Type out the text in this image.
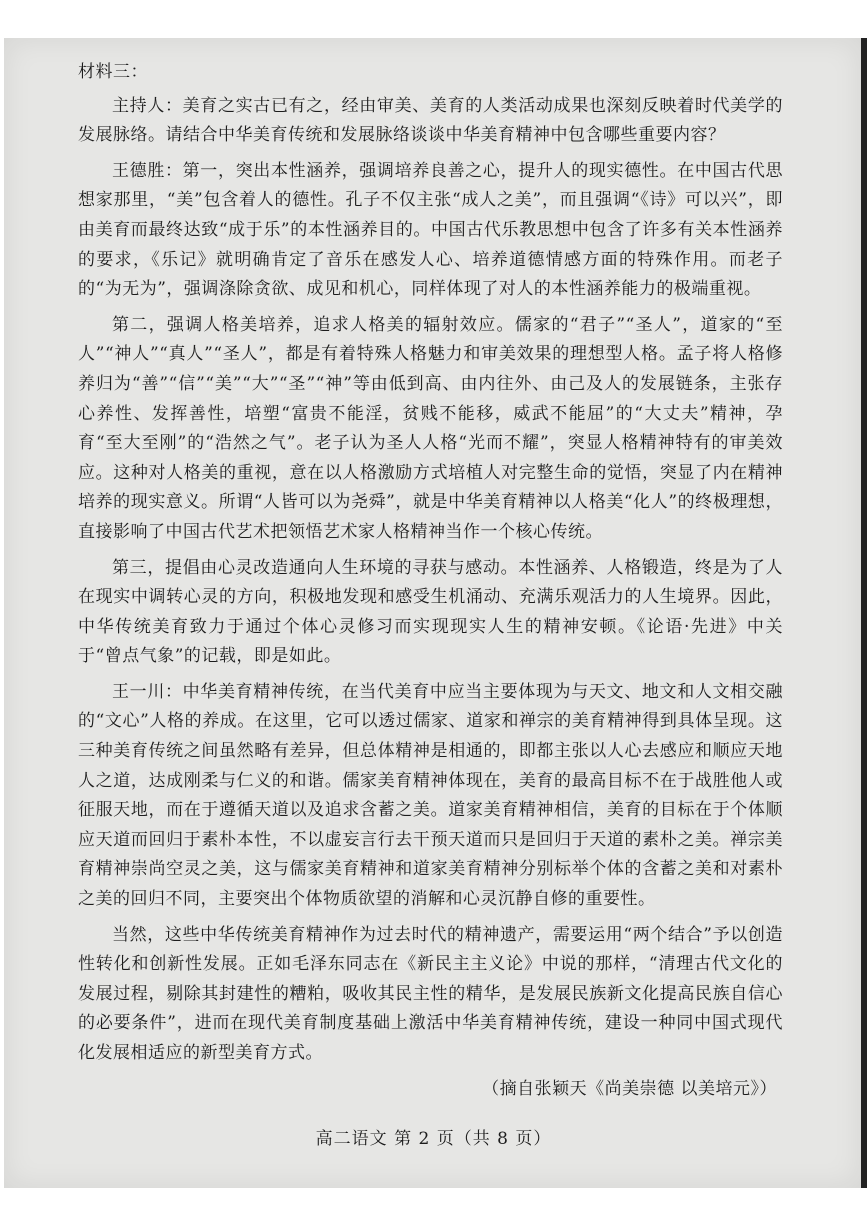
材料三：

主持人：美育之实古已有之，经由审美、美育的人类活动成果也深刻反映着时代美学的发展脉络。请结合中华美育传统和发展脉络谈谈中华美育精神中包含哪些重要内容？

王德胜：第一，突出本性涵养，强调培养良善之心，提升人的现实德性。在中国古代思想家那里，“美”包含着人的德性。孔子不仅主张“成人之美”，而且强调“《诗》可以兴”，即由美育而最终达致“成于乐”的本性涵养目的。中国古代乐教思想中包含了许多有关本性涵养的要求，《乐记》就明确肯定了音乐在感发人心、培养道德情感方面的特殊作用。而老子的“为无为”，强调涤除贪欲、成见和机心，同样体现了对人的本性涵养能力的极端重视。

第二，强调人格美培养，追求人格美的辐射效应。儒家的“君子”“圣人”，道家的“至人”“神人”“真人”“圣人”，都是有着特殊人格魅力和审美效果的理想型人格。孟子将人格修养归为“善”“信”“美”“大”“圣”“神”等由低到高、由内往外、由己及人的发展链条，主张存心养性、发挥善性，培塑“富贵不能淫，贫贱不能移，威武不能屈”的“大丈夫”精神，孕育“至大至刚”的“浩然之气”。老子认为圣人人格“光而不耀”，突显人格精神特有的审美效应。这种对人格美的重视，意在以人格激励方式培植人对完整生命的觉悟，突显了内在精神培养的现实意义。所谓“人皆可以为尧舜”，就是中华美育精神以人格美“化人”的终极理想，直接影响了中国古代艺术把领悟艺术家人格精神当作一个核心传统。

第三，提倡由心灵改造通向人生环境的寻获与感动。本性涵养、人格锻造，终是为了人在现实中调转心灵的方向，积极地发现和感受生机涌动、充满乐观活力的人生境界。因此，中华传统美育致力于通过个体心灵修习而实现现实人生的精神安顿。《论语·先进》中关于“曾点气象”的记载，即是如此。

王一川：中华美育精神传统，在当代美育中应当主要体现为与天文、地文和人文相交融的“文心”人格的养成。在这里，它可以透过儒家、道家和禅宗的美育精神得到具体呈现。这三种美育传统之间虽然略有差异，但总体精神是相通的，即都主张以人心去感应和顺应天地人之道，达成刚柔与仁义的和谐。儒家美育精神体现在，美育的最高目标不在于战胜他人或征服天地，而在于遵循天道以及追求含蓄之美。道家美育精神相信，美育的目标在于个体顺应天道而回归于素朴本性，不以虚妄言行去干预天道而只是回归于天道的素朴之美。禅宗美育精神崇尚空灵之美，这与儒家美育精神和道家美育精神分别标举个体的含蓄之美和对素朴之美的回归不同，主要突出个体物质欲望的消解和心灵沉静自修的重要性。

当然，这些中华传统美育精神作为过去时代的精神遗产，需要运用“两个结合”予以创造性转化和创新性发展。正如毛泽东同志在《新民主主义论》中说的那样，“清理古代文化的发展过程，剔除其封建性的糟粕，吸收其民主性的精华，是发展民族新文化提高民族自信心的必要条件”，进而在现代美育制度基础上激活中华美育精神传统，建设一种同中国式现代化发展相适应的新型美育方式。

（摘自张颖天《尚美崇德 以美培元》）
高二语文 第 2 页（共 8 页）
